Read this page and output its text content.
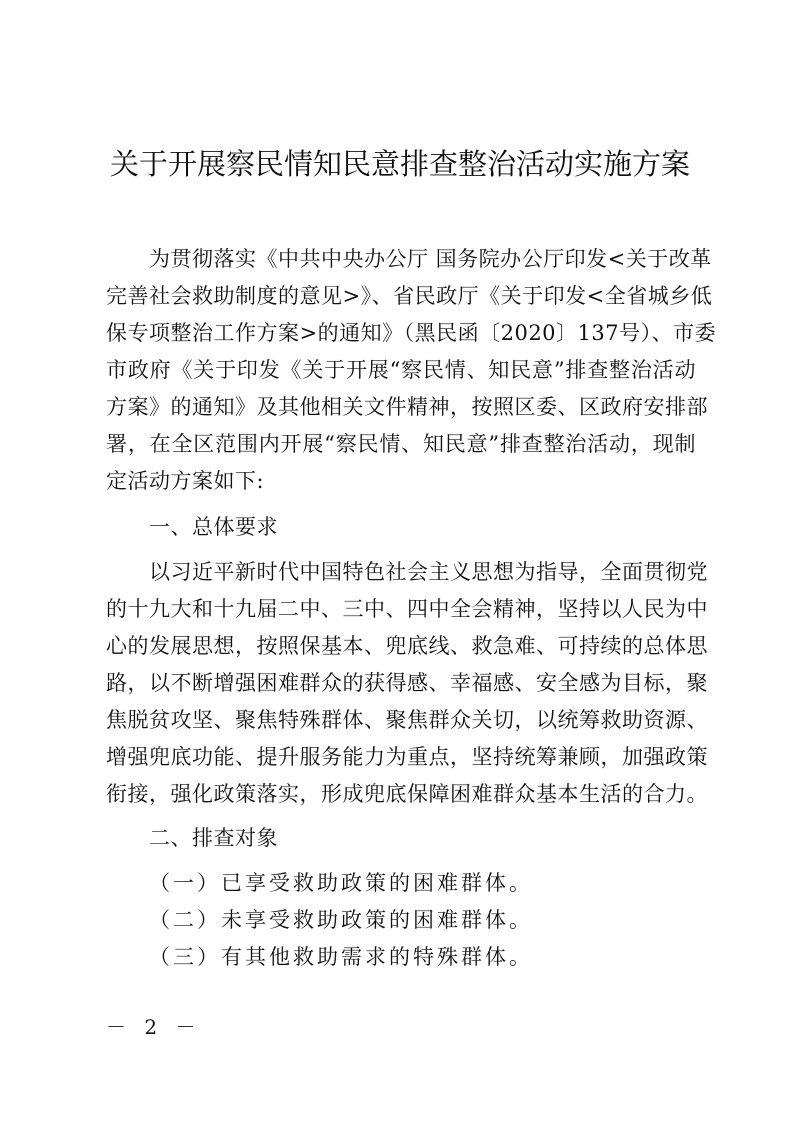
关于开展察民情知民意排查整治活动实施方案
为贯彻落实《中共中央办公厅 国务院办公厅印发<关于改革
完善社会救助制度的意见>》、省民政厅《关于印发<全省城乡低
保专项整治工作方案>的通知》（黑民函〔2020〕137号）、市委
市政府《关于印发《关于开展“察民情、知民意”排查整治活动
方案》的通知》及其他相关文件精神，按照区委、区政府安排部
署，在全区范围内开展“察民情、知民意”排查整治活动，现制
定活动方案如下:
一、总体要求
以习近平新时代中国特色社会主义思想为指导，全面贯彻党
的十九大和十九届二中、三中、四中全会精神，坚持以人民为中
心的发展思想，按照保基本、兜底线、救急难、可持续的总体思
路，以不断增强困难群众的获得感、幸福感、安全感为目标，聚
焦脱贫攻坚、聚焦特殊群体、聚焦群众关切，以统筹救助资源、
增强兜底功能、提升服务能力为重点，坚持统筹兼顾，加强政策
衔接，强化政策落实，形成兜底保障困难群众基本生活的合力。
二、排查对象
（一）已享受救助政策的困难群体。
（二）未享受救助政策的困难群体。
（三）有其他救助需求的特殊群体。
－ 2 －
